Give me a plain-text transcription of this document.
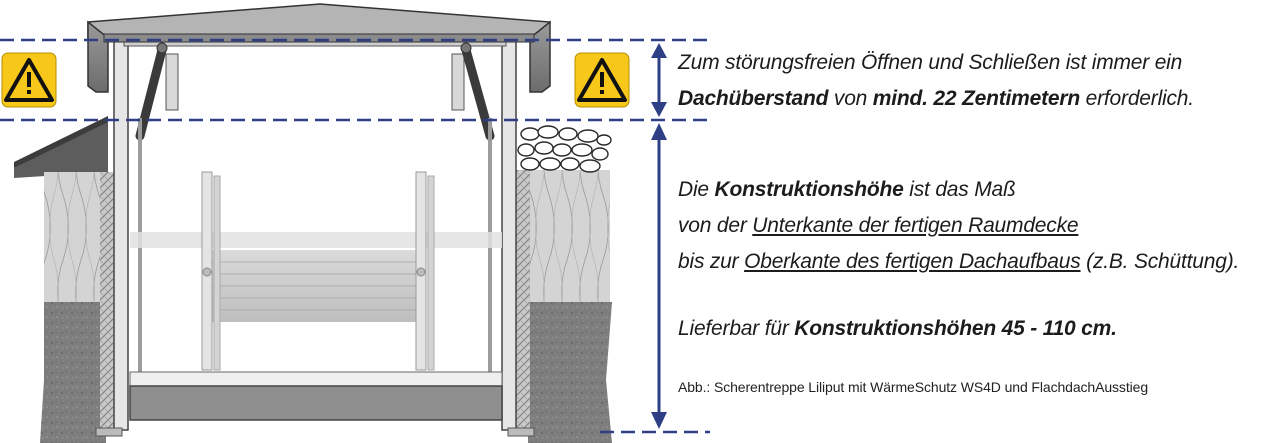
Zum störungsfreien Öffnen und Schließen ist immer ein
Dachüberstand von mind. 22 Zentimetern erforderlich.
Die Konstruktionshöhe ist das Maß
von der Unterkante der fertigen Raumdecke
bis zur Oberkante des fertigen Dachaufbaus (z.B. Schüttung).
Lieferbar für Konstruktionshöhen 45 - 110 cm.
Abb.: Scherentreppe Liliput mit WärmeSchutz WS4D und FlachdachAusstieg
